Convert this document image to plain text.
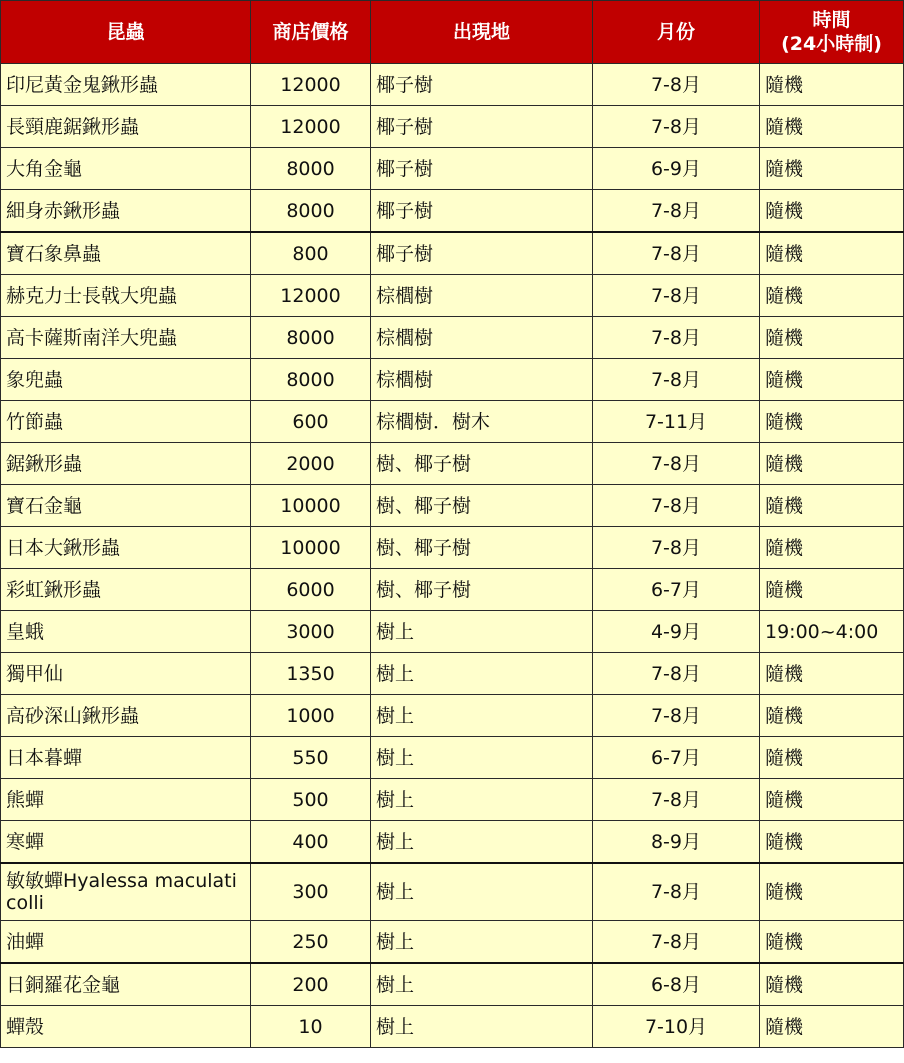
昆蟲	商店價格	出現地	月份	時間
(24小時制)
印尼黃金鬼鍬形蟲	12000	椰子樹	7-8月	隨機
長頸鹿鋸鍬形蟲	12000	椰子樹	7-8月	隨機
大角金龜	8000	椰子樹	6-9月	隨機
細身赤鍬形蟲	8000	椰子樹	7-8月	隨機
寶石象鼻蟲	800	椰子樹	7-8月	隨機
赫克力士長戟大兜蟲	12000	棕櫚樹	7-8月	隨機
高卡薩斯南洋大兜蟲	8000	棕櫚樹	7-8月	隨機
象兜蟲	8000	棕櫚樹	7-8月	隨機
竹節蟲	600	棕櫚樹．樹木	7-11月	隨機
鋸鍬形蟲	2000	樹、椰子樹	7-8月	隨機
寶石金龜	10000	樹、椰子樹	7-8月	隨機
日本大鍬形蟲	10000	樹、椰子樹	7-8月	隨機
彩虹鍬形蟲	6000	樹、椰子樹	6-7月	隨機
皇蛾	3000	樹上	4-9月	19:00~4:00
獨甲仙	1350	樹上	7-8月	隨機
高砂深山鍬形蟲	1000	樹上	7-8月	隨機
日本暮蟬	550	樹上	6-7月	隨機
熊蟬	500	樹上	7-8月	隨機
寒蟬	400	樹上	8-9月	隨機
敏敏蟬Hyalessa maculaticolli	300	樹上	7-8月	隨機
油蟬	250	樹上	7-8月	隨機
日銅羅花金龜	200	樹上	6-8月	隨機
蟬殼	10	樹上	7-10月	隨機
